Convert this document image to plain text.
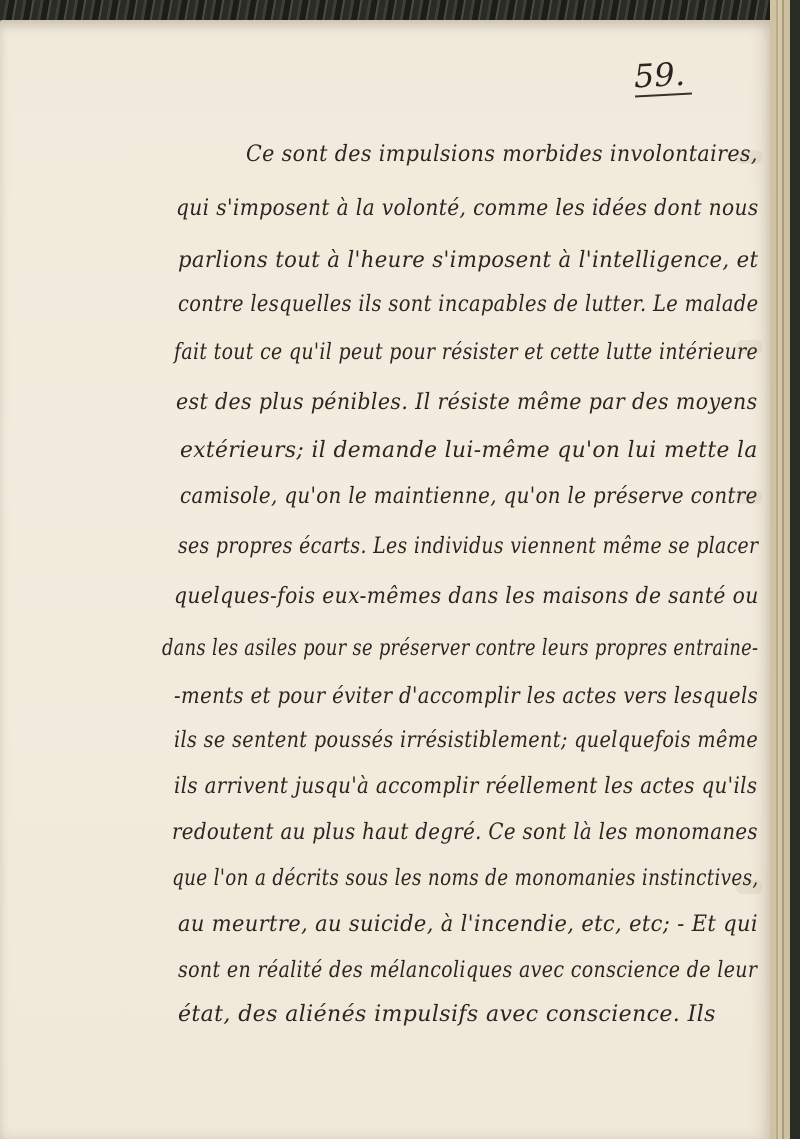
59.
Ce sont des impulsions morbides involontaires,
qui s'imposent à la volonté, comme les idées dont nous
parlions tout à l'heure s'imposent à l'intelligence, et
contre lesquelles ils sont incapables de lutter. Le malade
fait tout ce qu'il peut pour résister et cette lutte intérieure
est des plus pénibles. Il résiste même par des moyens
extérieurs; il demande lui-même qu'on lui mette la
camisole, qu'on le maintienne, qu'on le préserve contre
ses propres écarts. Les individus viennent même se placer
quelques-fois eux-mêmes dans les maisons de santé ou
dans les asiles pour se préserver contre leurs propres entraine-
-ments et pour éviter d'accomplir les actes vers lesquels
ils se sentent poussés irrésistiblement; quelquefois même
ils arrivent jusqu'à accomplir réellement les actes qu'ils
redoutent au plus haut degré. Ce sont là les monomanes
que l'on a décrits sous les noms de monomanies instinctives,
au meurtre, au suicide, à l'incendie, etc, etc; - Et qui
sont en réalité des mélancoliques avec conscience de leur
état, des aliénés impulsifs avec conscience. Ils
